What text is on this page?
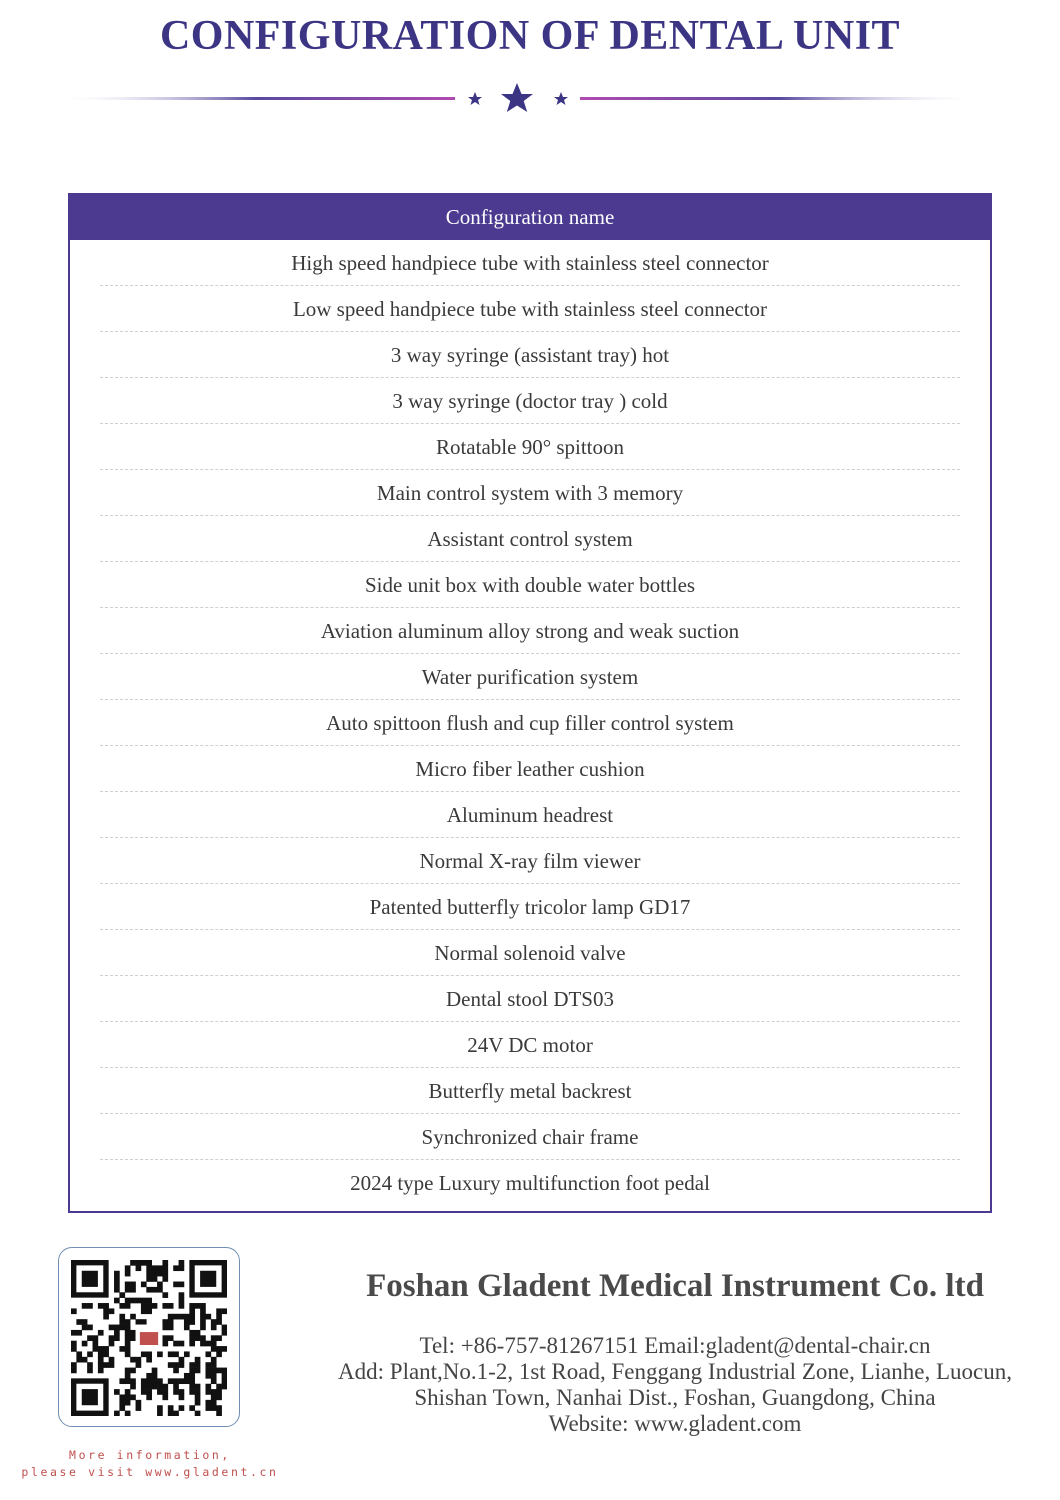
CONFIGURATION OF DENTAL UNIT
Configuration name
High speed handpiece tube with stainless steel connector
Low speed handpiece tube with stainless steel connector
3 way syringe (assistant tray) hot
3 way syringe (doctor tray ) cold
Rotatable 90° spittoon
Main control system with 3 memory
Assistant control system
Side unit box with double water bottles
Aviation aluminum alloy strong and weak suction
Water purification system
Auto spittoon flush and cup filler control system
Micro fiber leather cushion
Aluminum headrest
Normal X-ray film viewer
Patented butterfly tricolor lamp GD17
Normal solenoid valve
Dental stool DTS03
24V DC motor
Butterfly metal backrest
Synchronized chair frame
2024 type Luxury multifunction foot pedal
More information,
please visit www.gladent.cn
Foshan Gladent Medical Instrument Co. ltd
Tel: +86-757-81267151 Email:gladent@dental-chair.cn
Add: Plant,No.1-2, 1st Road, Fenggang Industrial Zone, Lianhe, Luocun,
Shishan Town, Nanhai Dist., Foshan, Guangdong, China
Website: www.gladent.com
